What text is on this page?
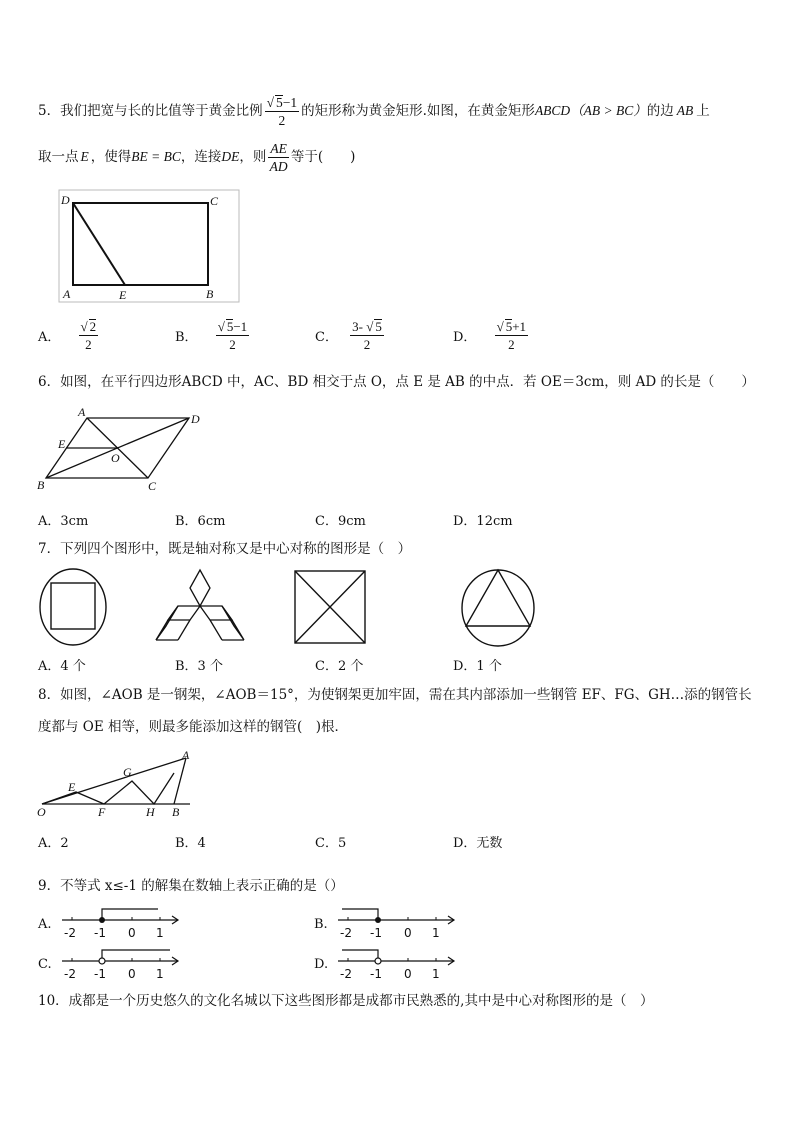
5．我们把宽与长的比值等于黄金比例 $\frac{√ 5-1}{2}$ 的矩形称为黄金矩形.如图，在黄金矩形ABCD（AB > BC）的边 AB 上
取一点 E ，使得BE = BC，连接DE，则 $\frac{AE}{AD}$ 等于(　　)
D	C
A	E	B
A． $\frac{√ 2}{2}$	B． $\frac{√ 5-1}{2}$	C． $\frac{3- √ 5}{2}$	D． $\frac{√ 5+1}{2}$
6．如图，在平行四边形ABCD 中，AC、BD 相交于点 O，点 E 是 AB 的中点．若 OE＝3cm，则 AD 的长是（　　）
A	D
E
O
B	C
A．3cm	B．6cm	C．9cm	D．12cm
7．下列四个图形中，既是轴对称又是中心对称的图形是（　）
A．4 个	B．3 个	C．2 个	D．1 个
8．如图，∠AOB 是一钢架，∠AOB＝15°，为使钢架更加牢固，需在其内部添加一些钢管 EF、FG、GH…添的钢管长
度都与 OE 相等，则最多能添加这样的钢管(　)根．
A
G
E
O	F	H B
A．2	B．4	C．5	D．无数
9．不等式 x≤-1 的解集在数轴上表示正确的是（）
A.	B.
C.	D.
-2 -1 0 1	-2 -1 0 1
-2 -1 0 1	-2 -1 0 1
10．成都是一个历史悠久的文化名城以下这些图形都是成都市民熟悉的,其中是中心对称图形的是（　）
